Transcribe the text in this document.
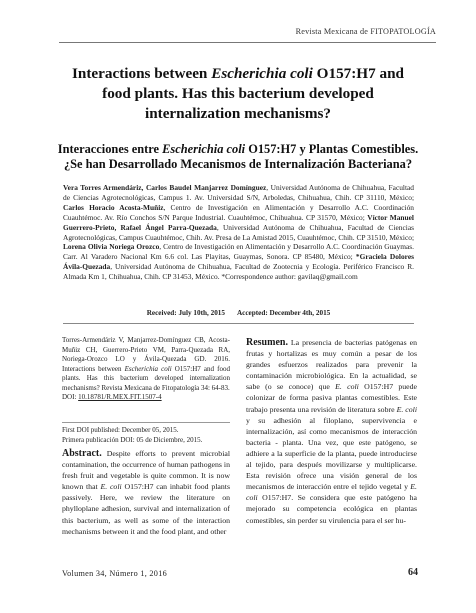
Revista Mexicana de FITOPATOLOGÍA
Interactions between Escherichia coli O157:H7 and food plants. Has this bacterium developed internalization mechanisms?
Interacciones entre Escherichia coli O157:H7 y Plantas Comestibles. ¿Se han Desarrollado Mecanismos de Internalización Bacteriana?
Vera Torres Armendáriz, Carlos Baudel Manjarrez Domínguez, Universidad Autónoma de Chihuahua, Facultad de Ciencias Agrotecnológicas, Campus 1. Av. Universidad S/N, Arboledas, Chihuahua, Chih. CP 31110, México; Carlos Horacio Acosta-Muñiz, Centro de Investigación en Alimentación y Desarrollo A.C. Coordinación Cuauhtémoc. Av. Río Conchos S/N Parque Industrial. Cuauhtémoc, Chihuahua. CP 31570, México; Víctor Manuel Guerrero-Prieto, Rafael Ángel Parra-Quezada, Universidad Autónoma de Chihuahua, Facultad de Ciencias Agrotecnológicas, Campus Cuauhtémoc, Chih. Av. Presa de La Amistad 2015, Cuauhtémoc, Chih. CP 31510, México; Lorena Olivia Noriega Orozco, Centro de Investigación en Alimentación y Desarrollo A.C. Coordinación Guaymas. Carr. Al Varadero Nacional Km 6.6 col. Las Playitas, Guaymas, Sonora. CP 85480, México; *Graciela Dolores Ávila-Quezada, Universidad Autónoma de Chihuahua, Facultad de Zootecnia y Ecología. Periférico Francisco R. Almada Km 1, Chihuahua, Chih. CP 31453, México. *Correspondence author: gavilaq@gmail.com
Received: July 10th, 2015 Accepted: December 4th, 2015
Torres-Armendáriz V, Manjarrez-Domínguez CB, Acosta-Muñiz CH, Guerrero-Prieto VM, Parra-Quezada RA, Noriega-Orozco LO y Ávila-Quezada GD. 2016. Interactions between Escherichia coli O157:H7 and food plants. Has this bacterium developed internalization mechanisms? Revista Mexicana de Fitopatología 34: 64-83.
DOI: 10.18781/R.MEX.FIT.1507-4
First DOI published: December 05, 2015.
Primera publicación DOI: 05 de Diciembre, 2015.
Abstract. Despite efforts to prevent microbial contamination, the occurrence of human pathogens in fresh fruit and vegetable is quite common. It is now known that E. coli O157:H7 can inhabit food plants passively. Here, we review the literature on phylloplane adhesion, survival and internalization of this bacterium, as well as some of the interaction mechanisms between it and the food plant, and other
Resumen. La presencia de bacterias patógenas en frutas y hortalizas es muy común a pesar de los grandes esfuerzos realizados para prevenir la contaminación microbiológica. En la actualidad, se sabe (o se conoce) que E. coli O157:H7 puede colonizar de forma pasiva plantas comestibles. Este trabajo presenta una revisión de literatura sobre E. coli y su adhesión al filoplano, supervivencia e internalización, así como mecanismos de interacción bacteria - planta. Una vez, que este patógeno, se adhiere a la superficie de la planta, puede introducirse al tejido, para después movilizarse y multiplicarse. Esta revisión ofrece una visión general de los mecanismos de interacción entre el tejido vegetal y E. coli O157:H7. Se considera que este patógeno ha mejorado su competencia ecológica en plantas comestibles, sin perder su virulencia para el ser hu-
Volumen 34, Número 1, 2016	64
